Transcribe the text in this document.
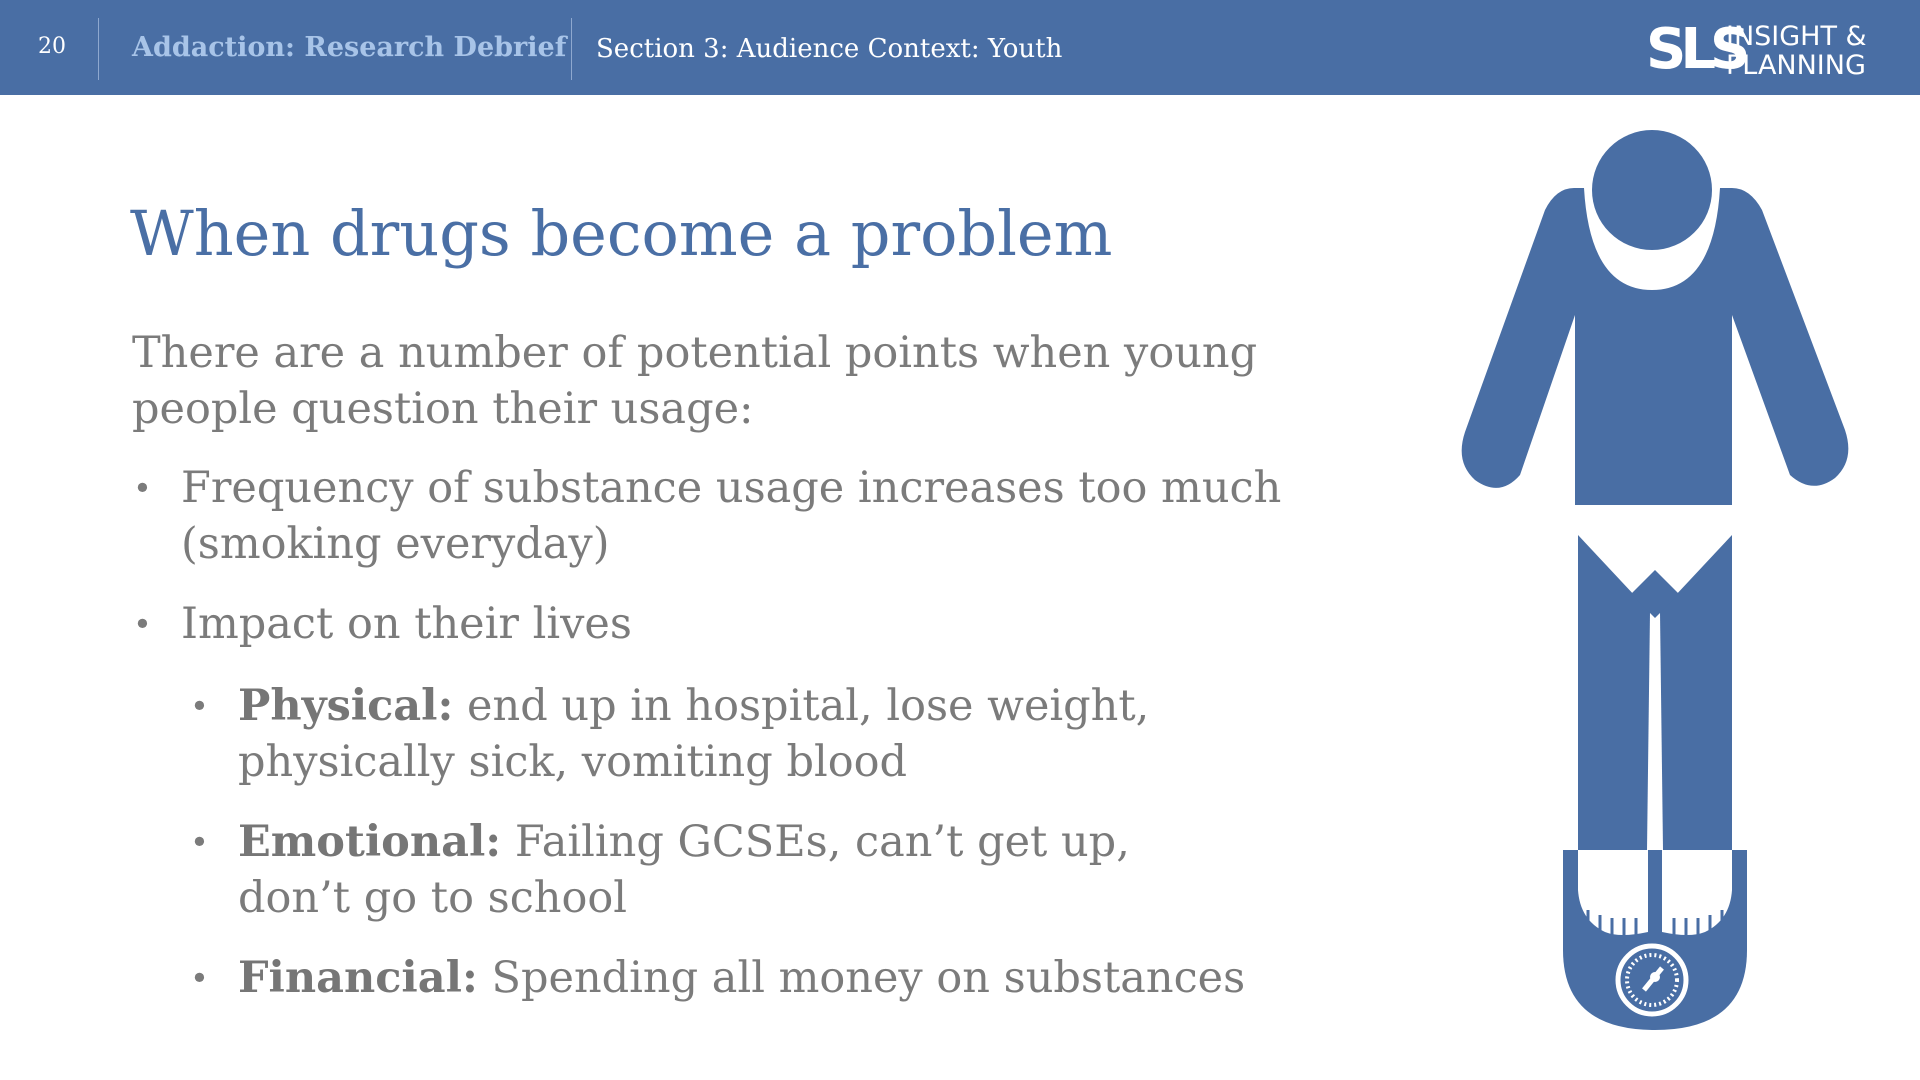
20	Addaction: Research Debrief Section 3: Audience Context: Youth	SLS
INSIGHT &
PLANNING
When drugs become a problem

There are a number of potential points when young people question their usage:

• Frequency of substance usage increases too much
(smoking everyday)
• Impact on their lives
• Physical: end up in hospital, lose weight,
physically sick, vomiting blood
• Emotional: Failing GCSEs, can’t get up,
don’t go to school
• Financial: Spending all money on substances
